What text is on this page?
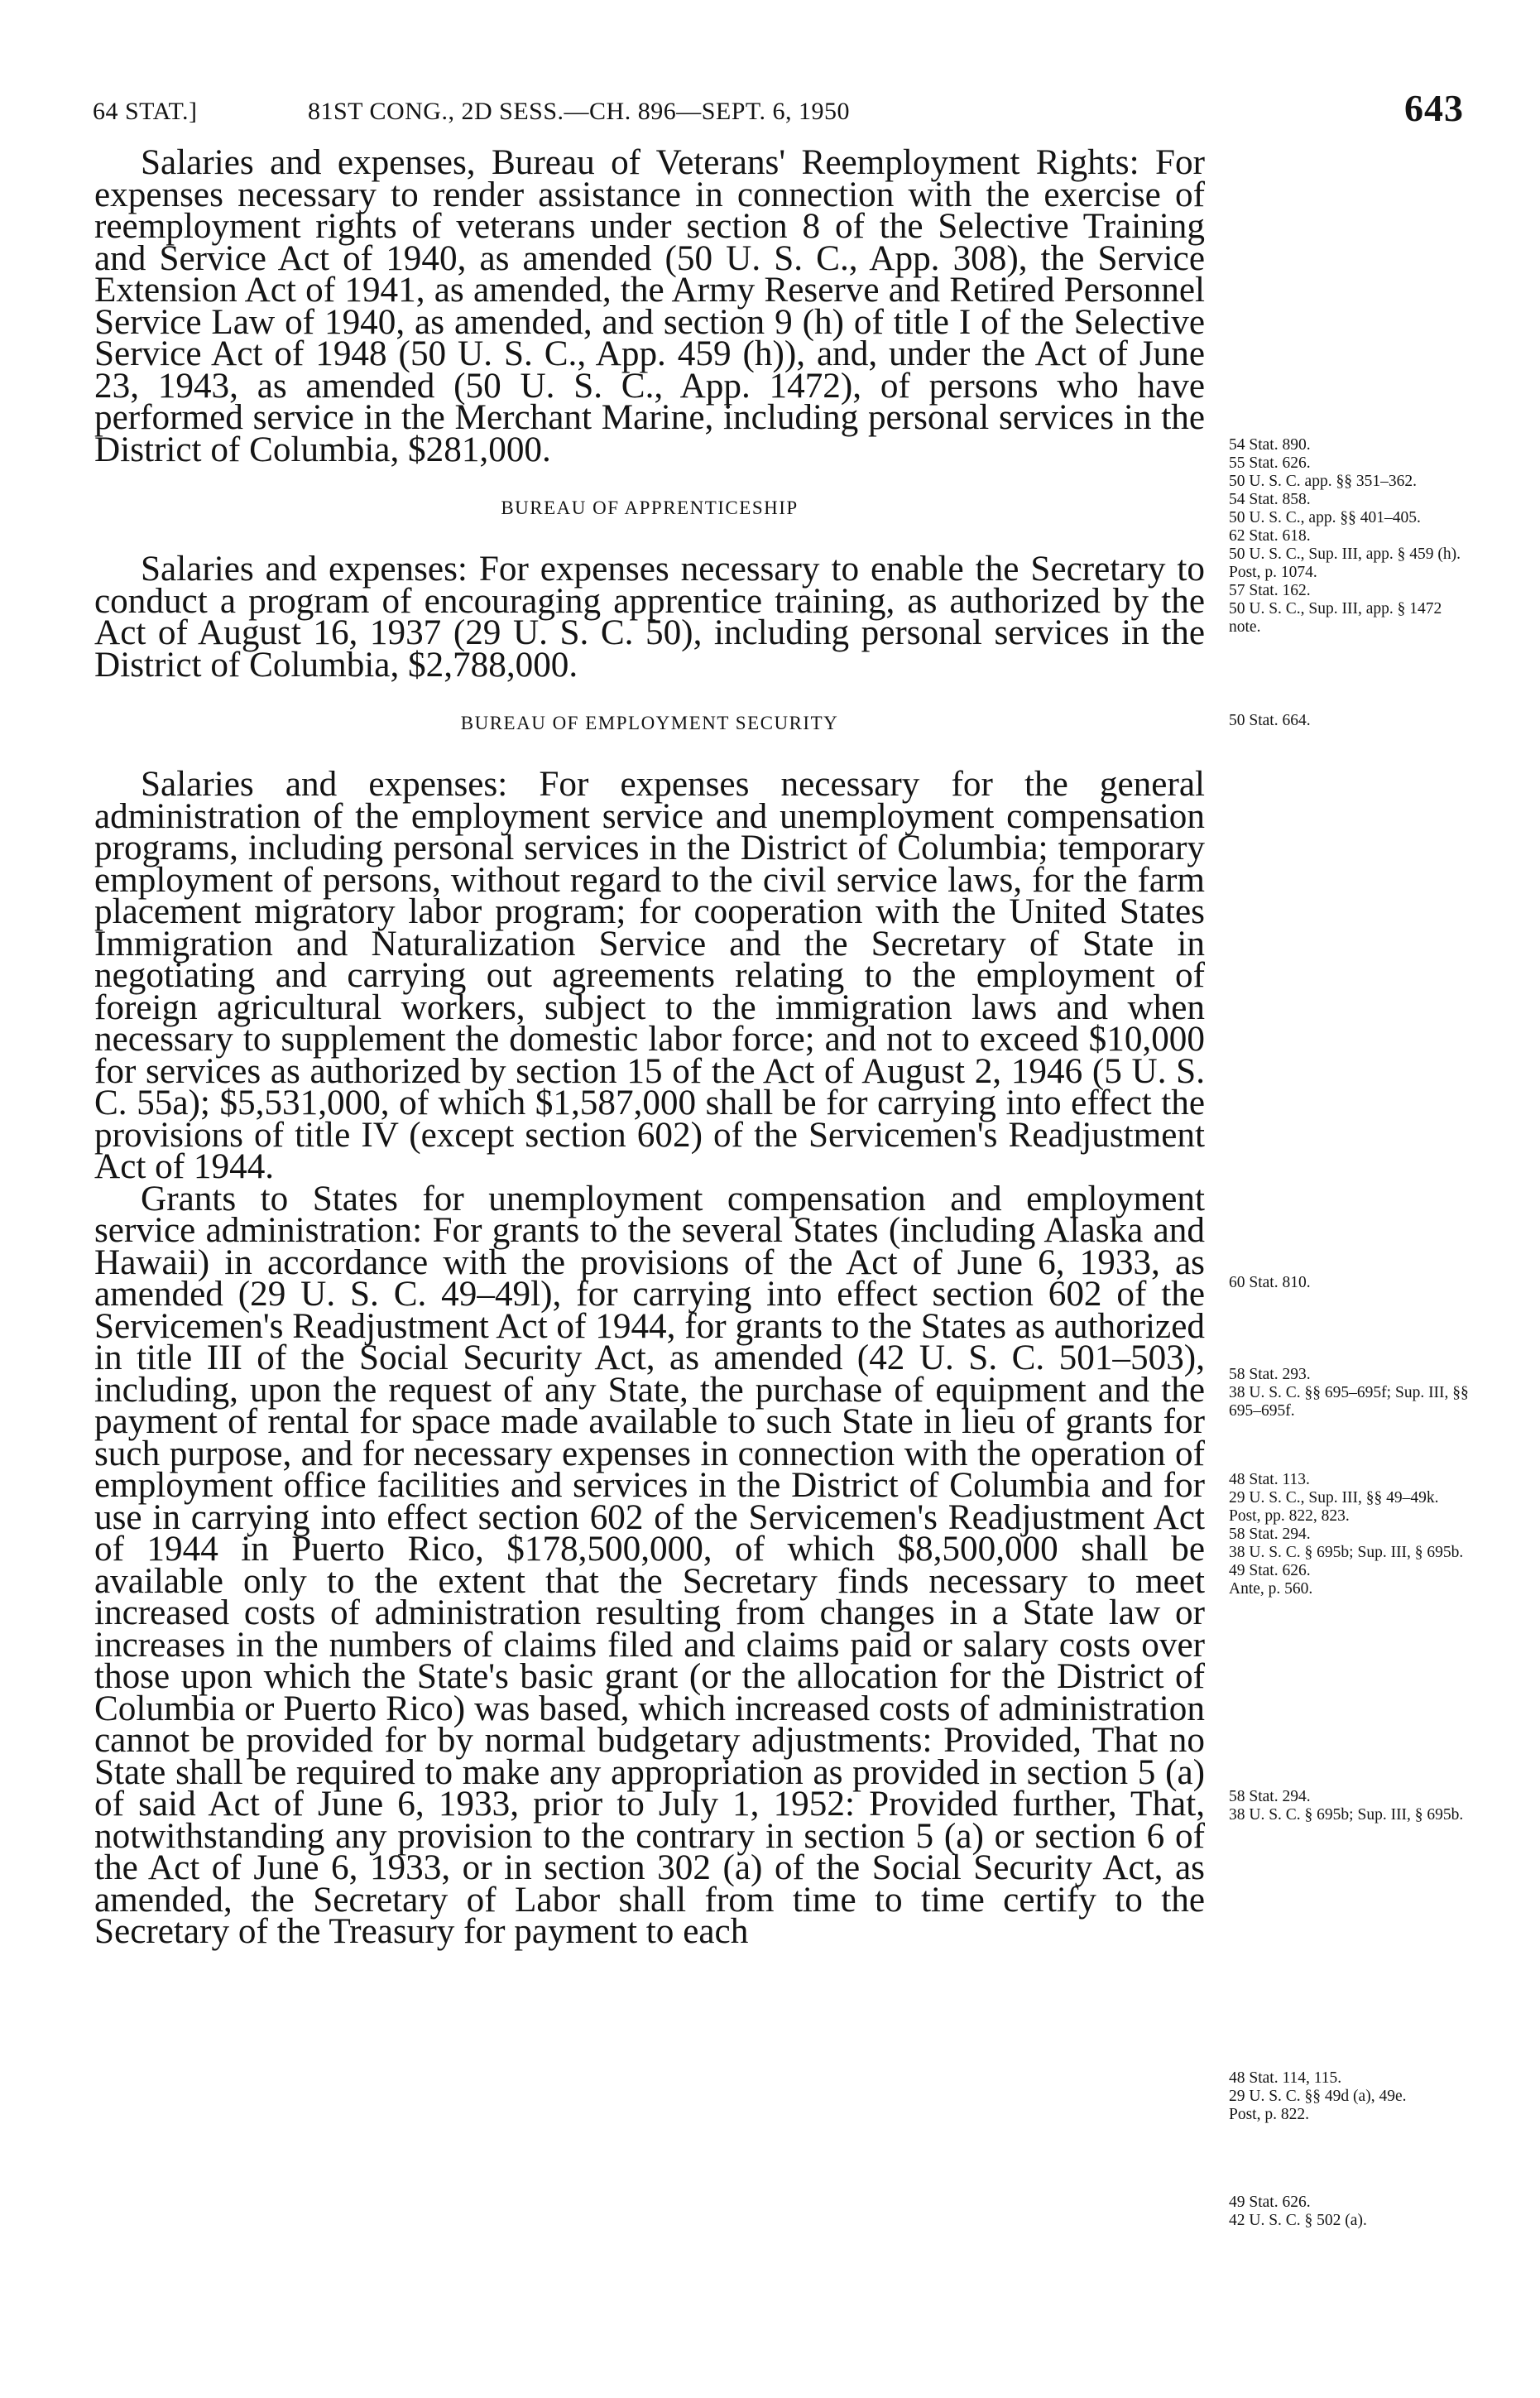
64 STAT.]	81ST CONG., 2D SESS.—CH. 896—SEPT. 6, 1950	643

Salaries and expenses, Bureau of Veterans' Reemployment Rights: For expenses necessary to render assistance in connection with the exercise of reemployment rights of veterans under section 8 of the Selective Training and Service Act of 1940, as amended (50 U. S. C., App. 308), the Service Extension Act of 1941, as amended, the Army Reserve and Retired Personnel Service Law of 1940, as amended, and section 9 (h) of title I of the Selective Service Act of 1948 (50 U. S. C., App. 459 (h)), and, under the Act of June 23, 1943, as amended (50 U. S. C., App. 1472), of persons who have performed service in the Merchant Marine, including personal services in the District of Columbia, $281,000.

BUREAU OF APPRENTICESHIP

Salaries and expenses: For expenses necessary to enable the Secretary to conduct a program of encouraging apprentice training, as authorized by the Act of August 16, 1937 (29 U. S. C. 50), including personal services in the District of Columbia, $2,788,000.

BUREAU OF EMPLOYMENT SECURITY

Salaries and expenses: For expenses necessary for the general administration of the employment service and unemployment compensation programs, including personal services in the District of Columbia; temporary employment of persons, without regard to the civil service laws, for the farm placement migratory labor program; for cooperation with the United States Immigration and Naturalization Service and the Secretary of State in negotiating and carrying out agreements relating to the employment of foreign agricultural workers, subject to the immigration laws and when necessary to supplement the domestic labor force; and not to exceed $10,000 for services as authorized by section 15 of the Act of August 2, 1946 (5 U. S. C. 55a); $5,531,000, of which $1,587,000 shall be for carrying into effect the provisions of title IV (except section 602) of the Servicemen's Readjustment Act of 1944.

Grants to States for unemployment compensation and employment service administration: For grants to the several States (including Alaska and Hawaii) in accordance with the provisions of the Act of June 6, 1933, as amended (29 U. S. C. 49–49l), for carrying into effect section 602 of the Servicemen's Readjustment Act of 1944, for grants to the States as authorized in title III of the Social Security Act, as amended (42 U. S. C. 501–503), including, upon the request of any State, the purchase of equipment and the payment of rental for space made available to such State in lieu of grants for such purpose, and for necessary expenses in connection with the operation of employment office facilities and services in the District of Columbia and for use in carrying into effect section 602 of the Servicemen's Readjustment Act of 1944 in Puerto Rico, $178,500,000, of which $8,500,000 shall be available only to the extent that the Secretary finds necessary to meet increased costs of administration resulting from changes in a State law or increases in the numbers of claims filed and claims paid or salary costs over those upon which the State's basic grant (or the allocation for the District of Columbia or Puerto Rico) was based, which increased costs of administration cannot be provided for by normal budgetary adjustments: Provided, That no State shall be required to make any appropriation as provided in section 5 (a) of said Act of June 6, 1933, prior to July 1, 1952: Provided further, That, notwithstanding any provision to the contrary in section 5 (a) or section 6 of the Act of June 6, 1933, or in section 302 (a) of the Social Security Act, as amended, the Secretary of Labor shall from time to time certify to the Secretary of the Treasury for payment to each

54 Stat. 890.
55 Stat. 626.
50 U. S. C. app. §§ 351–362.
54 Stat. 858.
50 U. S. C., app. §§ 401–405.
62 Stat. 618.
50 U. S. C., Sup. III, app. § 459 (h).
Post, p. 1074.
57 Stat. 162.
50 U. S. C., Sup. III, app. § 1472 note.
50 Stat. 664.
60 Stat. 810.
58 Stat. 293.
38 U. S. C. §§ 695–695f; Sup. III, §§ 695–695f.
48 Stat. 113.
29 U. S. C., Sup. III, §§ 49–49k.
Post, pp. 822, 823.
58 Stat. 294.
38 U. S. C. § 695b; Sup. III, § 695b.
49 Stat. 626.
Ante, p. 560.
58 Stat. 294.
38 U. S. C. § 695b; Sup. III, § 695b.
48 Stat. 114, 115.
29 U. S. C. §§ 49d (a), 49e.
Post, p. 822.
49 Stat. 626.
42 U. S. C. § 502 (a).
